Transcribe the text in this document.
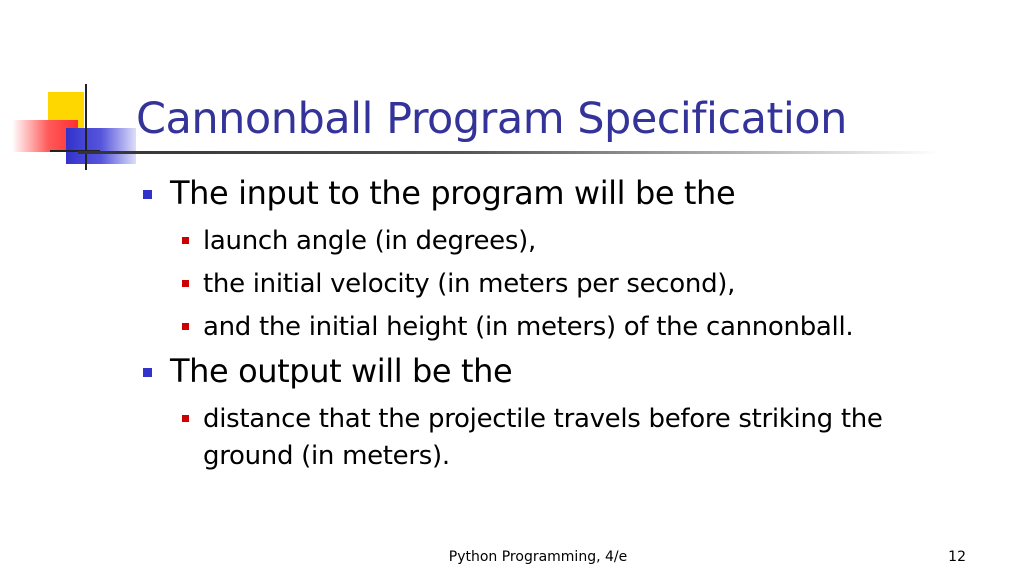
Cannonball Program Specification
The input to the program will be the
launch angle (in degrees),
the initial velocity (in meters per second),
and the initial height (in meters) of the cannonball.
The output will be the
distance that the projectile travels before striking the
ground (in meters).
Python Programming, 4/e	12
